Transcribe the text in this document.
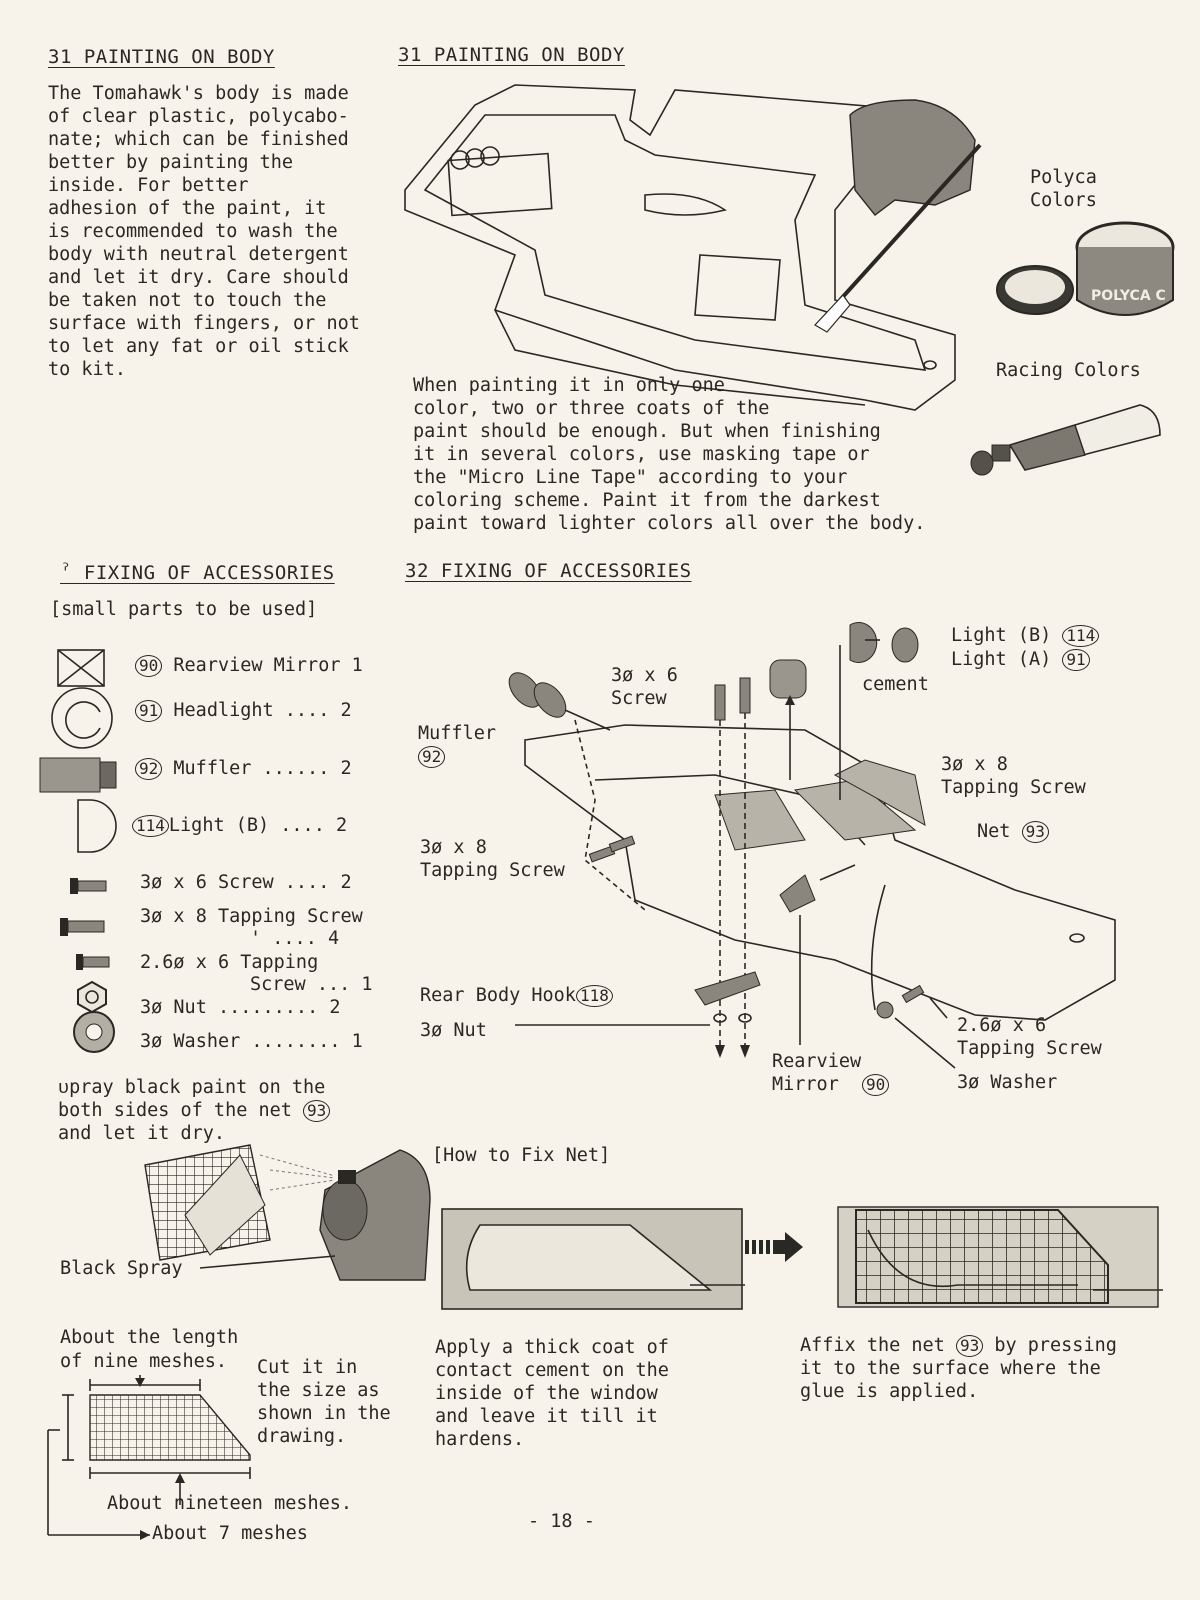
31 PAINTING ON BODY	31 PAINTING ON BODY
The Tomahawk's body is made
of clear plastic, polycabo-
nate; which can be finished
better by painting the
inside. For better
adhesion of the paint, it
is recommended to wash the
body with neutral detergent
and let it dry. Care should
be taken not to touch the
surface with fingers, or not
to let any fat or oil stick
to kit.
POLYCA C
Polyca
Colors
Racing Colors
When painting it in only one
color, two or three coats of the
paint should be enough. But when finishing
it in several colors, use masking tape or
the "Micro Line Tape" according to your
coloring scheme. Paint it from the darkest
paint toward lighter colors all over the body.
ˀ FIXING OF ACCESSORIES	32 FIXING OF ACCESSORIES
[small parts to be used]
90 Rearview Mirror 1
91 Headlight .... 2
92 Muffler ...... 2
114 Light (B) .... 2
3ø x 6 Screw .... 2
3ø x 8 Tapping Screw
' .... 4
2.6ø x 6 Tapping
Screw ... 1
3ø Nut ......... 2
3ø Washer ........ 1
Light (B) 114
Light (A) 91
cement
3ø x 6
Screw
Muffler
92	3ø x 8
Tapping Screw
Net 93
3ø x 8
Tapping Screw
Rear Body Hook 118
3ø Nut	2.6ø x 6
Tapping Screw
Rearview
Mirror	90	3ø Washer
ᴜpray black paint on the
both sides of the net 93
and let it dry.
Black Spray
[How to Fix Net]
About the length
of nine meshes. Cut it in
the size as
shown in the
drawing.
About nineteen meshes.
About 7 meshes
Apply a thick coat of
contact cement on the
inside of the window
and leave it till it
hardens.
Affix the net 93 by pressing
it to the surface where the
glue is applied.
- 18 -
